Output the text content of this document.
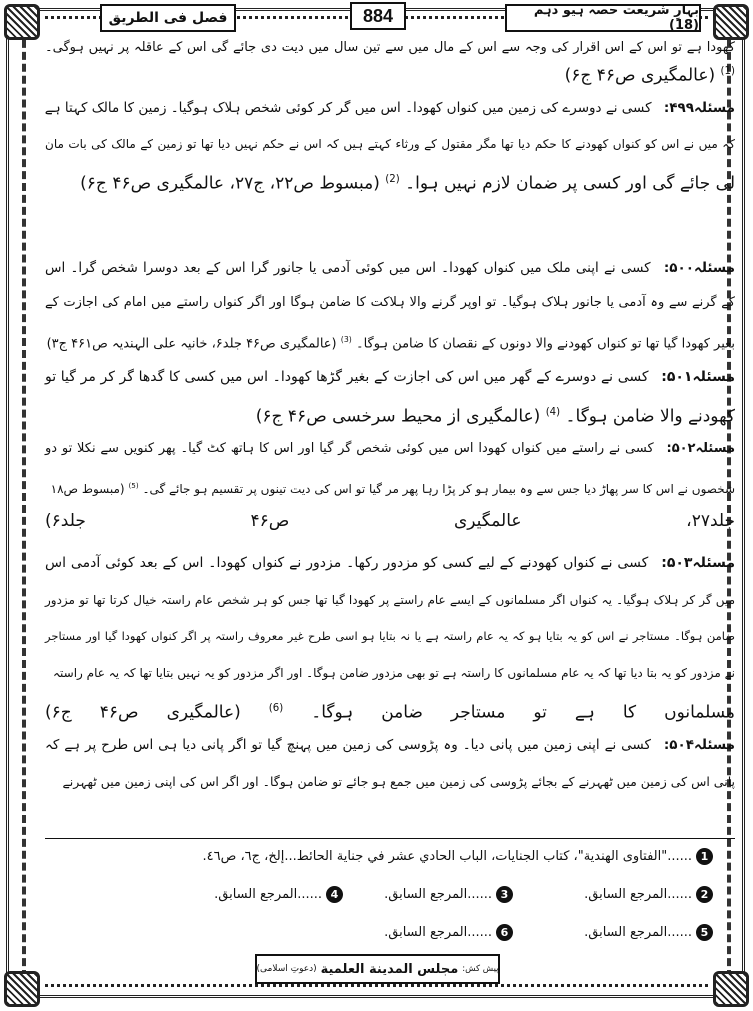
بہارِ شریعت حصہ ہیو دہم (18)
884
فصل فی الطریق
کھودا ہے تو اس کے اس اقرار کی وجہ سے اس کے مال میں سے تین سال میں دیت دی جائے گی اس کے عاقلہ پر نہیں ہوگی۔
$^{(1)}$ (عالمگیری ص۴۶ ج۶)
مسئلہ۴۹۹: کسی نے دوسرے کی زمین میں کنواں کھودا۔ اس میں گر کر کوئی شخص ہلاک ہوگیا۔ زمین کا مالک کہتا ہے
کہ میں نے اس کو کنواں کھودنے کا حکم دیا تھا مگر مقتول کے ورثاء کہتے ہیں کہ اس نے حکم نہیں دیا تھا تو زمین کے مالک کی بات مان
لی جائے گی اور کسی پر ضمان لازم نہیں ہوا۔ $^{(2)}$ (مبسوط ص۲۲، ج۲۷، عالمگیری ص۴۶ ج۶)
مسئلہ۵۰۰: کسی نے اپنی ملک میں کنواں کھودا۔ اس میں کوئی آدمی یا جانور گرا اس کے بعد دوسرا شخص گرا۔ اس
کے گرنے سے وہ آدمی یا جانور ہلاک ہوگیا۔ تو اوپر گرنے والا ہلاکت کا ضامن ہوگا اور اگر کنواں راستے میں امام کی اجازت کے
بغیر کھودا گیا تھا تو کنواں کھودنے والا دونوں کے نقصان کا ضامن ہوگا۔ $^{(3)}$ (عالمگیری ص۴۶ جلد۶، خانیہ علی الہندیہ ص۴۶۱ ج۳)
مسئلہ۵۰۱: کسی نے دوسرے کے گھر میں اس کی اجازت کے بغیر گڑھا کھودا۔ اس میں کسی کا گدھا گر کر مر گیا تو
کھودنے والا ضامن ہوگا۔ $^{(4)}$ (عالمگیری از محیط سرخسی ص۴۶ ج۶)
مسئلہ۵۰۲: کسی نے راستے میں کنواں کھودا اس میں کوئی شخص گر گیا اور اس کا ہاتھ کٹ گیا۔ پھر کنویں سے نکلا تو دو
شخصوں نے اس کا سر پھاڑ دیا جس سے وہ بیمار ہو کر پڑا رہا پھر مر گیا تو اس کی دیت تینوں پر تقسیم ہو جائے گی۔ $^{(5)}$ (مبسوط ص۱۸
جلد۲۷، عالمگیری ص۴۶ جلد۶)
مسئلہ۵۰۳: کسی نے کنواں کھودنے کے لیے کسی کو مزدور رکھا۔ مزدور نے کنواں کھودا۔ اس کے بعد کوئی آدمی اس
میں گر کر ہلاک ہوگیا۔ یہ کنواں اگر مسلمانوں کے ایسے عام راستے پر کھودا گیا تھا جس کو ہر شخص عام راستہ خیال کرتا تھا تو مزدور
ضامن ہوگا۔ مستاجر نے اس کو یہ بتایا ہو کہ یہ عام راستہ ہے یا نہ بتایا ہو اسی طرح غیر معروف راستہ پر اگر کنواں کھودا گیا اور مستاجر
نے مزدور کو یہ بتا دیا تھا کہ یہ عام مسلمانوں کا راستہ ہے تو بھی مزدور ضامن ہوگا۔ اور اگر مزدور کو یہ نہیں بتایا تھا کہ یہ عام راستہ
مسلمانوں کا ہے تو مستاجر ضامن ہوگا۔ $^{(6)}$ (عالمگیری ص۴۶ ج۶)
مسئلہ۵۰۴: کسی نے اپنی زمین میں پانی دیا۔ وہ پڑوسی کی زمین میں پہنچ گیا تو اگر پانی دیا ہی اس طرح پر ہے کہ
پانی اس کی زمین میں ٹھہرنے کے بجائے پڑوسی کی زمین میں جمع ہو جائے تو ضامن ہوگا۔ اور اگر اس کی اپنی زمین میں ٹھہرنے
1
......"الفتاوى الهندية"، كتاب الجنايات، الباب الحادي عشر في جناية الحائط...إلخ، ج٦، ص٤٦.
2
......المرجع السابق.
3
......المرجع السابق.
4
......المرجع السابق.
5
......المرجع السابق.
6
......المرجع السابق.
پیش کش:
مجلس المدينة العلمية
(دعوتِ اسلامی)
